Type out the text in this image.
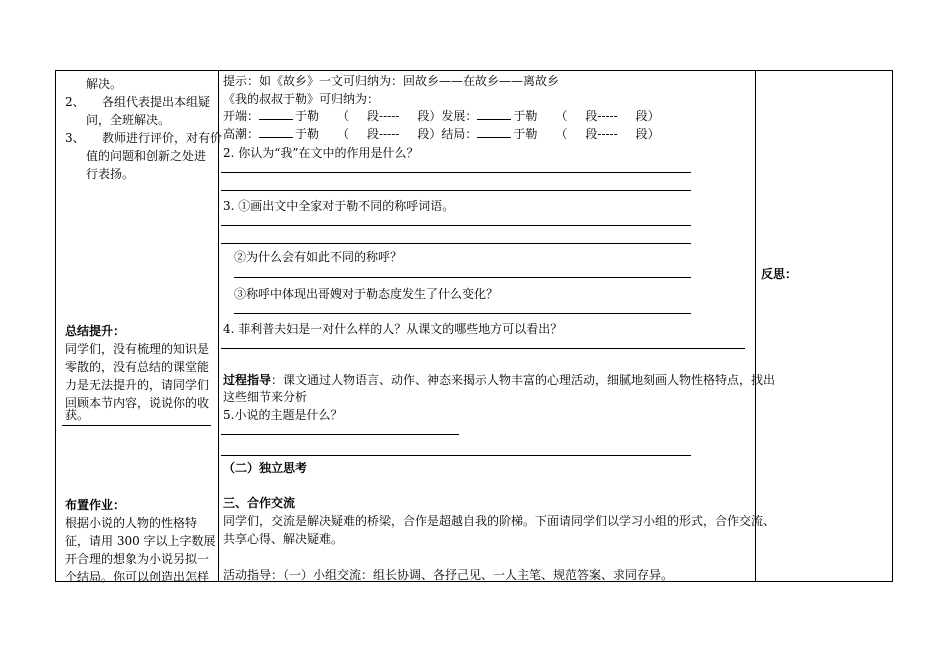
解决。
2、 各组代表提出本组疑
问，全班解决。
3、 教师进行评价，对有价
值的问题和创新之处进
行表扬。
总结提升：
同学们，没有梳理的知识是
零散的，没有总结的课堂能
力是无法提升的，请同学们
回顾本节内容，说说你的收
获。
布置作业：
根据小说的人物的性格特
征，请用 300 字以上字数展
开合理的想象为小说另拟一
个结局。你可以创造出怎样
提示：如《故乡》一文可归纳为：回故乡——在故乡——离故乡
《我的叔叔于勒》可归纳为：
开端：	于勒 （ 段----- 段）发展：	于勒 （ 段----- 段）
高潮：	于勒 （ 段----- 段）结局：	于勒 （ 段----- 段）
2. 你认为“我”在文中的作用是什么？
3. ①画出文中全家对于勒不同的称呼词语。
②为什么会有如此不同的称呼？
③称呼中体现出哥嫂对于勒态度发生了什么变化？
4. 菲利普夫妇是一对什么样的人？从课文的哪些地方可以看出？
过程指导：课文通过人物语言、动作、神态来揭示人物丰富的心理活动，细腻地刻画人物性格特点，找出
这些细节来分析
5.小说的主题是什么？
（二）独立思考
三、合作交流
同学们，交流是解决疑难的桥梁，合作是超越自我的阶梯。下面请同学们以学习小组的形式，合作交流、
共享心得、解决疑难。
活动指导：（一）小组交流：组长协调、各抒己见、一人主笔、规范答案、求同存异。
反思：
